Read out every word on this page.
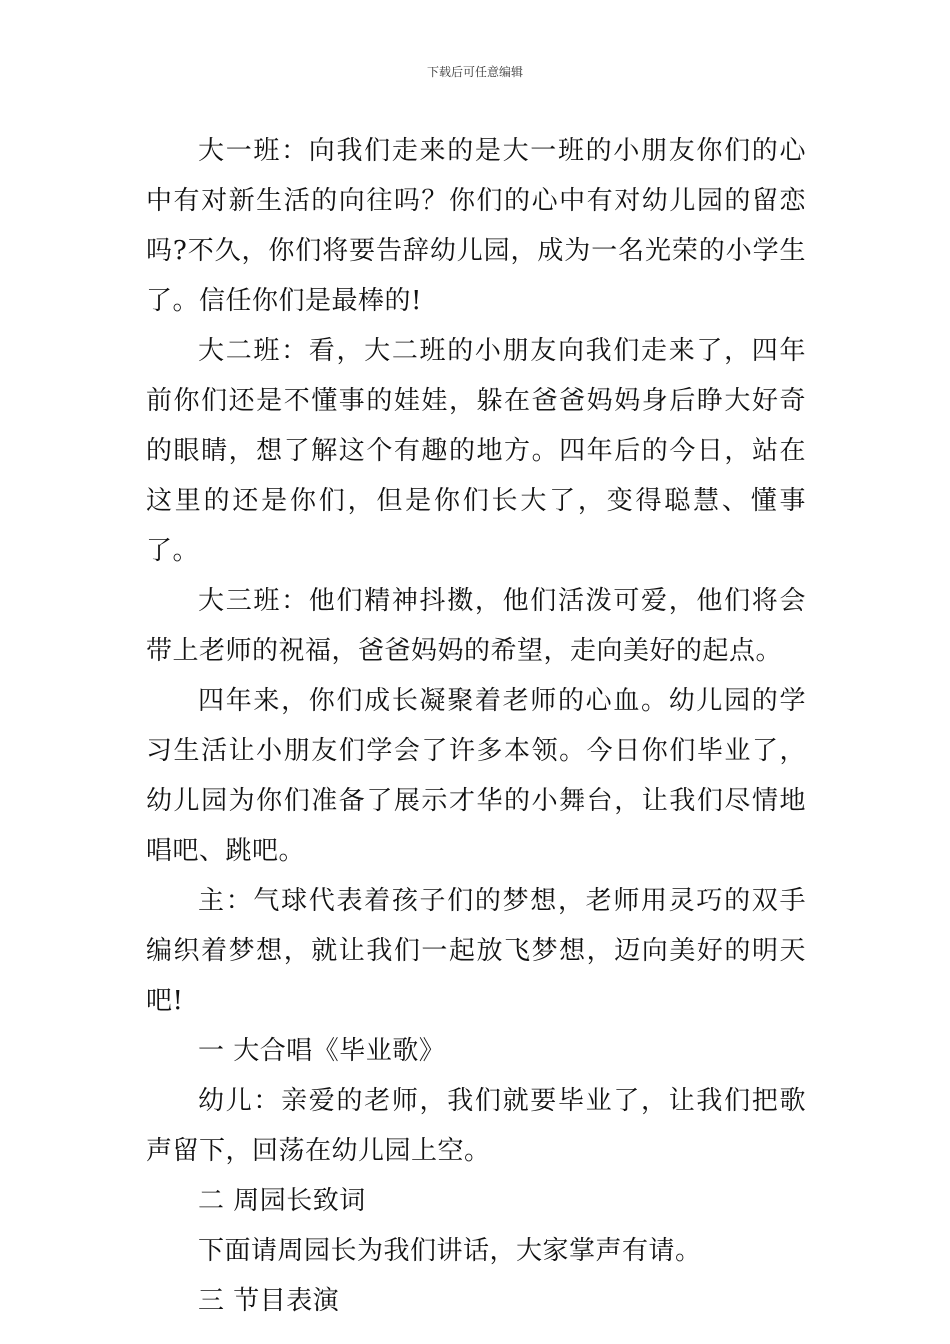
下载后可任意编辑

大一班：向我们走来的是大一班的小朋友你们的心中有对新生活的向往吗？你们的心中有对幼儿园的留恋吗?不久，你们将要告辞幼儿园，成为一名光荣的小学生了。信任你们是最棒的!

大二班：看，大二班的小朋友向我们走来了，四年前你们还是不懂事的娃娃，躲在爸爸妈妈身后睁大好奇的眼睛，想了解这个有趣的地方。四年后的今日，站在这里的还是你们，但是你们长大了，变得聪慧、懂事了。

大三班：他们精神抖擞，他们活泼可爱，他们将会带上老师的祝福，爸爸妈妈的希望，走向美好的起点。

四年来，你们成长凝聚着老师的心血。幼儿园的学习生活让小朋友们学会了许多本领。今日你们毕业了，幼儿园为你们准备了展示才华的小舞台，让我们尽情地唱吧、跳吧。

主：气球代表着孩子们的梦想，老师用灵巧的双手编织着梦想，就让我们一起放飞梦想，迈向美好的明天吧!

一 大合唱《毕业歌》

幼儿：亲爱的老师，我们就要毕业了，让我们把歌声留下，回荡在幼儿园上空。

二 周园长致词

下面请周园长为我们讲话，大家掌声有请。

三 节目表演
